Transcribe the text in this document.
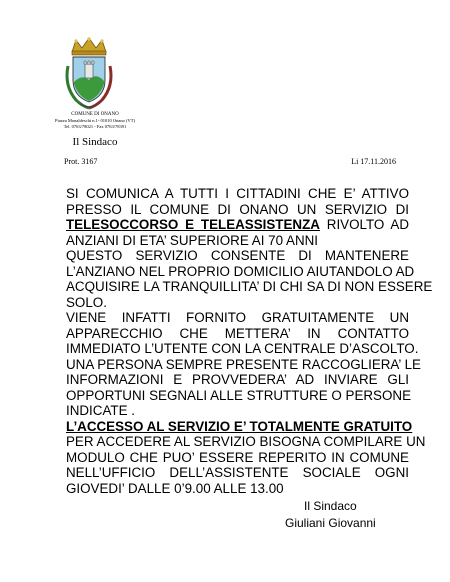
COMUNE DI ONANO
Piazza Monaldeschi n.1- 01010 Onano (VT)
Tel. 0763/78021 - Fax 0763/78391
Il Sindaco
Prot. 3167	Li 17.11.2016
SI COMUNICA A TUTTI I CITTADINI CHE E’ ATTIVO
PRESSO IL COMUNE DI ONANO UN SERVIZIO DI
TELESOCCORSO E TELEASSISTENZA RIVOLTO AD
ANZIANI DI ETA’ SUPERIORE AI 70 ANNI
QUESTO SERVIZIO CONSENTE DI MANTENERE
L’ANZIANO NEL PROPRIO DOMICILIO AIUTANDOLO AD
ACQUISIRE LA TRANQUILLITA’ DI CHI SA DI NON ESSERE
SOLO.
VIENE INFATTI FORNITO GRATUITAMENTE UN
APPARECCHIO CHE METTERA’ IN CONTATTO
IMMEDIATO L’UTENTE CON LA CENTRALE D’ASCOLTO.
UNA PERSONA SEMPRE PRESENTE RACCOGLIERA’ LE
INFORMAZIONI E PROVVEDERA’ AD INVIARE GLI
OPPORTUNI SEGNALI ALLE STRUTTURE O PERSONE
INDICATE .
L’ACCESSO AL SERVIZIO E’ TOTALMENTE GRATUITO
PER ACCEDERE AL SERVIZIO BISOGNA COMPILARE UN
MODULO CHE PUO’ ESSERE REPERITO IN COMUNE
NELL’UFFICIO DELL’ASSISTENTE SOCIALE OGNI
GIOVEDI’ DALLE 0’9.00 ALLE 13.00
Il Sindaco
Giuliani Giovanni
